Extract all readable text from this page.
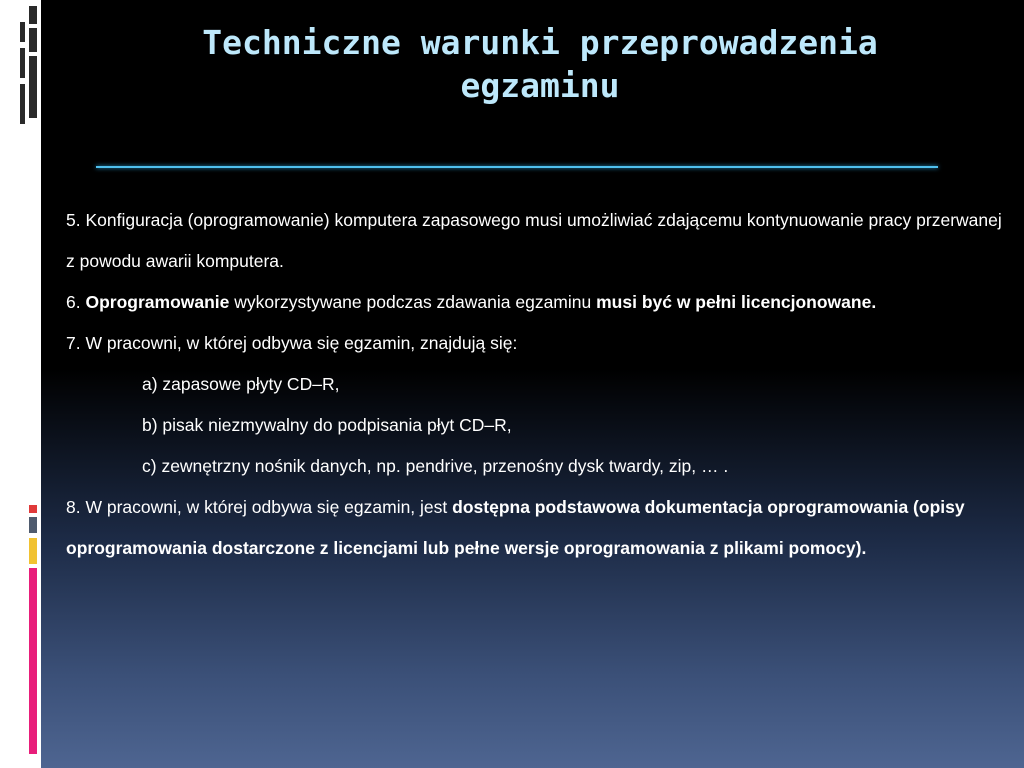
Techniczne warunki przeprowadzenia egzaminu

5. Konfiguracja (oprogramowanie) komputera zapasowego musi umożliwiać zdającemu kontynuowanie pracy przerwanej z powodu awarii komputera.

6. Oprogramowanie wykorzystywane podczas zdawania egzaminu musi być w pełni licencjonowane.

7. W pracowni, w której odbywa się egzamin, znajdują się:

a) zapasowe płyty CD–R,

b) pisak niezmywalny do podpisania płyt CD–R,

c) zewnętrzny nośnik danych, np. pendrive, przenośny dysk twardy, zip, … .

8. W pracowni, w której odbywa się egzamin, jest dostępna podstawowa dokumentacja oprogramowania (opisy oprogramowania dostarczone z licencjami lub pełne wersje oprogramowania z plikami pomocy).
